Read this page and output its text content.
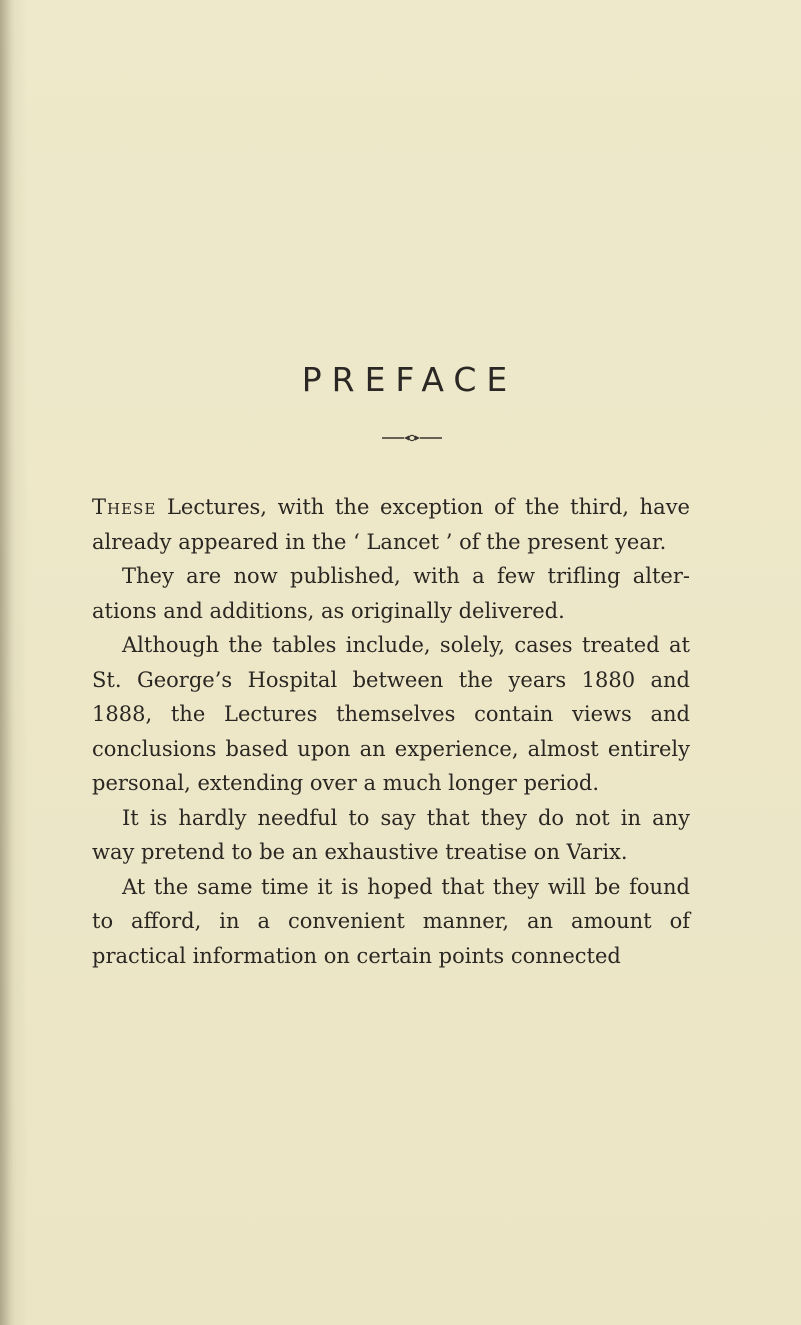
PREFACE

These Lectures, with the exception of the third, have already appeared in the ‘ Lancet ’ of the present year.

They are now published, with a few trifling alter- ations and additions, as originally delivered.

Although the tables include, solely, cases treated at St. George’s Hospital between the years 1880 and 1888, the Lectures themselves contain views and conclusions based upon an experience, almost entirely personal, extending over a much longer period.

It is hardly needful to say that they do not in any way pretend to be an exhaustive treatise on Varix.

At the same time it is hoped that they will be found to afford, in a convenient manner, an amount of practical information on certain points connected
